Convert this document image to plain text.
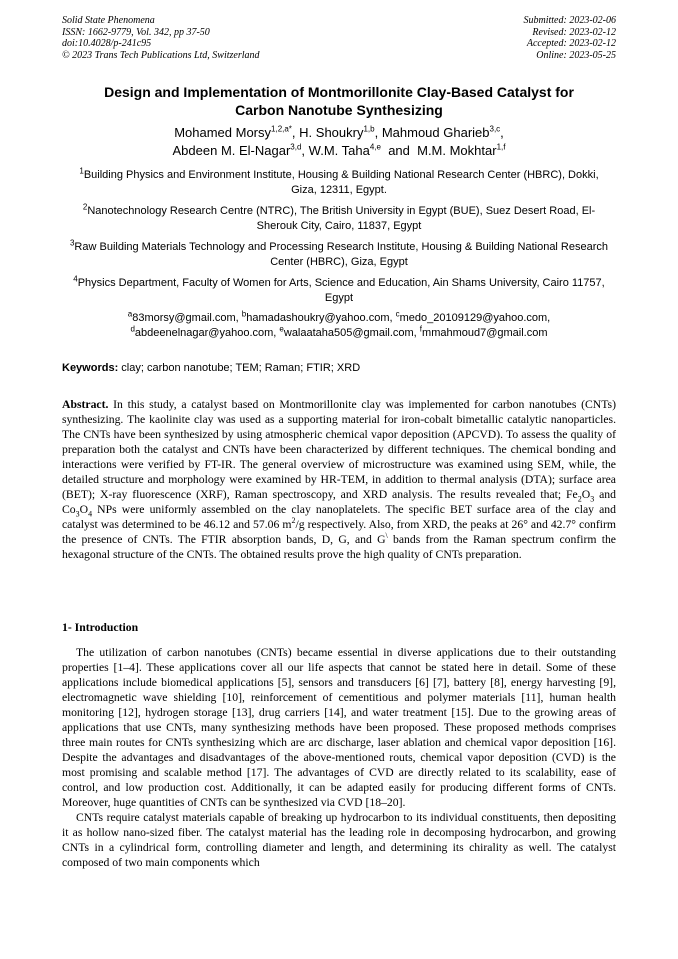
Solid State Phenomena
ISSN: 1662-9779, Vol. 342, pp 37-50
doi:10.4028/p-241c95
© 2023 Trans Tech Publications Ltd, Switzerland
Submitted: 2023-02-06
Revised: 2023-02-12
Accepted: 2023-02-12
Online: 2023-05-25
Design and Implementation of Montmorillonite Clay-Based Catalyst for
Carbon Nanotube Synthesizing
Mohamed Morsy$^{1,2,a*}$, H. Shoukry$^{1,b}$, Mahmoud Gharieb$^{3,c}$,
Abdeen M. El-Nagar$^{3,d}$, W.M. Taha$^{4,e}$  and  M.M. Mokhtar$^{1,f}$
$^1$Building Physics and Environment Institute, Housing & Building National Research Center (HBRC), Dokki, Giza, 12311, Egypt.
$^2$Nanotechnology Research Centre (NTRC), The British University in Egypt (BUE), Suez Desert Road, El-Sherouk City, Cairo, 11837, Egypt
$^3$Raw Building Materials Technology and Processing Research Institute, Housing & Building National Research Center (HBRC), Giza, Egypt
$^4$Physics Department, Faculty of Women for Arts, Science and Education, Ain Shams University, Cairo 11757, Egypt
$^a$83morsy@gmail.com, $^b$hamadashoukry@yahoo.com, $^c$medo_20109129@yahoo.com,
$^d$abdeenelnagar@yahoo.com, $^e$walaataha505@gmail.com, $^f$mmahmoud7@gmail.com
Keywords: clay; carbon nanotube; TEM; Raman; FTIR; XRD
Abstract. In this study, a catalyst based on Montmorillonite clay was implemented for carbon nanotubes (CNTs) synthesizing. The kaolinite clay was used as a supporting material for iron-cobalt bimetallic catalytic nanoparticles. The CNTs have been synthesized by using atmospheric chemical vapor deposition (APCVD). To assess the quality of preparation both the catalyst and CNTs have been characterized by different techniques. The chemical bonding and interactions were verified by FT-IR. The general overview of microstructure was examined using SEM, while, the detailed structure and morphology were examined by HR-TEM, in addition to thermal analysis (DTA); surface area (BET); X-ray fluorescence (XRF), Raman spectroscopy, and XRD analysis. The results revealed that; $Fe_2O_3$ and $Co_3O_4$ NPs were uniformly assembled on the clay nanoplatelets. The specific BET surface area of the clay and catalyst was determined to be 46.12 and 57.06 $m^2/g$ respectively. Also, from XRD, the peaks at 26° and 42.7° confirm the presence of CNTs. The FTIR absorption bands, D, G, and G\ bands from the Raman spectrum confirm the hexagonal structure of the CNTs. The obtained results prove the high quality of CNTs preparation.
1- Introduction

The utilization of carbon nanotubes (CNTs) became essential in diverse applications due to their outstanding properties [1–4]. These applications cover all our life aspects that cannot be stated here in detail. Some of these applications include biomedical applications [5], sensors and transducers [6] [7], battery [8], energy harvesting [9], electromagnetic wave shielding [10], reinforcement of cementitious and polymer materials [11], human health monitoring [12], hydrogen storage [13], drug carriers [14], and water treatment [15]. Due to the growing areas of applications that use CNTs, many synthesizing methods have been proposed. These proposed methods comprises three main routes for CNTs synthesizing which are arc discharge, laser ablation and chemical vapor deposition [16]. Despite the advantages and disadvantages of the above-mentioned routs, chemical vapor deposition (CVD) is the most promising and scalable method [17]. The advantages of CVD are directly related to its scalability, ease of control, and low production cost. Additionally, it can be adapted easily for producing different forms of CNTs. Moreover, huge quantities of CNTs can be synthesized via CVD [18–20].

CNTs require catalyst materials capable of breaking up hydrocarbon to its individual constituents, then depositing it as hollow nano-sized fiber. The catalyst material has the leading role in decomposing hydrocarbon, and growing CNTs in a cylindrical form, controlling diameter and length, and determining its chirality as well. The catalyst composed of two main components which
